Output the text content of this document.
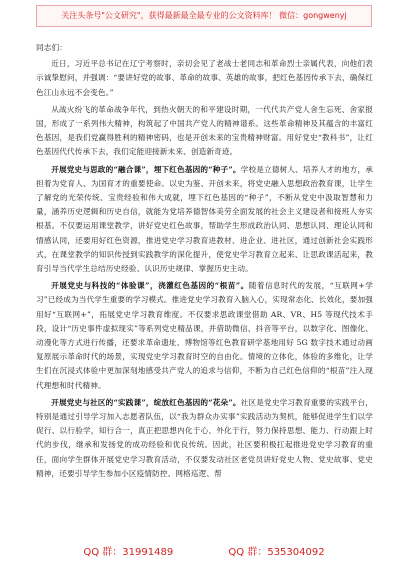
关注头条号"公文研究"，获得最新最全最专业的公文资料库！ 微信：gongwenyj

同志们：

近日，习近平总书记在辽宁考察时，亲切会见了老战士老同志和革命烈士亲属代表，向他们表示诚挚慰问，并强调：“要讲好党的故事、革命的故事、英雄的故事，把红色基因传承下去，确保红色江山永远不会变色。”

从战火纷飞的革命战争年代，到热火朝天的和平建设时期，一代代共产党人舍生忘死、舍家报国，形成了一系列伟大精神，构筑起了中国共产党人的精神谱系。这些革命精神及其蕴含的丰富红色基因，是我们党赢得胜利的精神密码，也是开创未来的宝贵精神财富。用好党史“教科书”，让红色基因代代传承下去，我们定能迎接新未来、创造新奇迹。

开展党史与思政的“融合课”，埋下红色基因的“种子”。学校是立德树人、培养人才的地方，承担着为党育人、为国育才的重要使命。以史为鉴、开创未来，将党史融入思想政治教育课，让学生了解党的光荣传统、宝贵经验和伟大成就，埋下红色基因的“种子”，不断从党史中汲取智慧和力量，涵养历史逻辑和历史自信，就能为党培养德智体美劳全面发展的社会主义建设者和接班人夯实根基。不仅要运用课堂教学，讲好党史红色故事，帮助学生形成政治认同、思想认同、理论认同和情感认同，还要用好红色资源，推进党史学习教育进教材、进企业、进社区，通过创新社会实践形式，在课堂教学的知识传授到实践教学的深化提升，使党史学习教育立起来、让思政课活起来，教育引导当代学生总结历史经验、认识历史规律、掌握历史主动。

开展党史与科技的“体验课”，浇灌红色基因的“根苗”。随着信息时代的发展，“互联网+学习”已经成为当代学生重要的学习模式。推进党史学习教育入脑入心，实现常态化、长效化，要加强用好“互联网+”，拓展党史学习教育维度。不仅要求思政课堂借助 AR、VR、H5 等现代技术手段，设计“历史事件虚拟现实”等系列党史精品课，并借助微信、抖音等平台，以数字化、图像化、动漫化等方式进行传播，还要求革命遗址、博物馆等红色教育研学基地用好 5G 数字技术通过动画复原展示革命时代的场景，实现党史学习教育时空的自由化。情境的立体化，体验的多维化，让学生们在沉浸式体验中更加深刻地感受共产党人的追求与信仰，不断为自己红色信仰的“根苗”注入现代理想和时代精神。

开展党史与社区的“实践课”，绽放红色基因的“花朵”。社区是党史学习教育重要的实践平台，特别是通过引导学习加入志愿者队伍，以“我为群众办实事”实践活动为契机，能够促进学生们以学促行、以行验学，知行合一，真正把思想内化于心、外化于行，努力保持思想、能力、行动跟上时代的步伐，继承和发扬党的成功经验和优良传统。因此，社区要积极扛起推进党史学习教育的重任，面向学生群体开展党史学习教育活动，不仅要发动社区老党员讲好党史人物、党史故事、党史精神，还要引导学生参加小区疫情防控、网格巡逻、帮

QQ 群：31991489	QQ 群：535304092
